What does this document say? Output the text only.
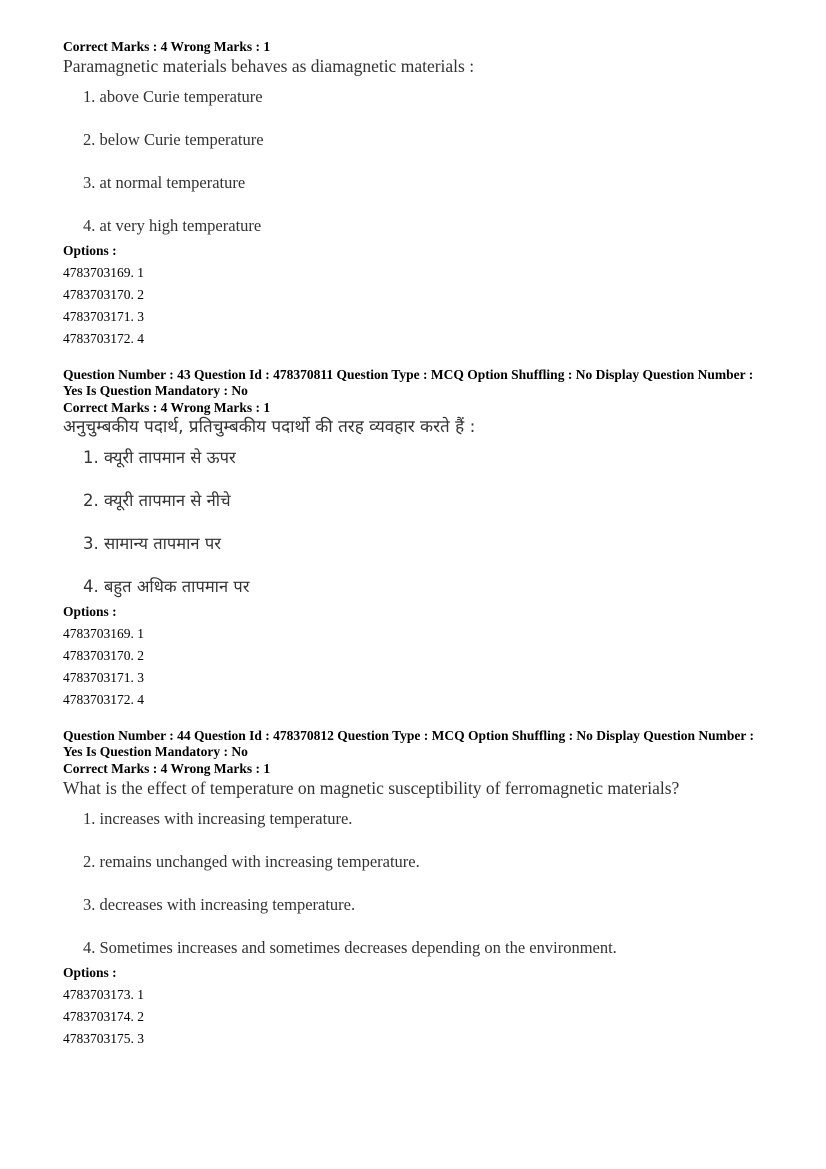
Correct Marks : 4 Wrong Marks : 1

Paramagnetic materials behaves as diamagnetic materials :

1. above Curie temperature

2. below Curie temperature

3. at normal temperature

4. at very high temperature

Options :

4783703169. 1

4783703170. 2

4783703171. 3

4783703172. 4

Question Number : 43 Question Id : 478370811 Question Type : MCQ Option Shuffling : No Display Question Number : Yes Is Question Mandatory : No

Correct Marks : 4 Wrong Marks : 1

अनुचुम्बकीय पदार्थ, प्रतिचुम्बकीय पदार्थो की तरह व्यवहार करते हैं :

1. क्यूरी तापमान से ऊपर

2. क्यूरी तापमान से नीचे

3. सामान्य तापमान पर

4. बहुत अधिक तापमान पर

Options :

4783703169. 1

4783703170. 2

4783703171. 3

4783703172. 4

Question Number : 44 Question Id : 478370812 Question Type : MCQ Option Shuffling : No Display Question Number : Yes Is Question Mandatory : No

Correct Marks : 4 Wrong Marks : 1

What is the effect of temperature on magnetic susceptibility of ferromagnetic materials?

1. increases with increasing temperature.

2. remains unchanged with increasing temperature.

3. decreases with increasing temperature.

4. Sometimes increases and sometimes decreases depending on the environment.

Options :

4783703173. 1

4783703174. 2

4783703175. 3
